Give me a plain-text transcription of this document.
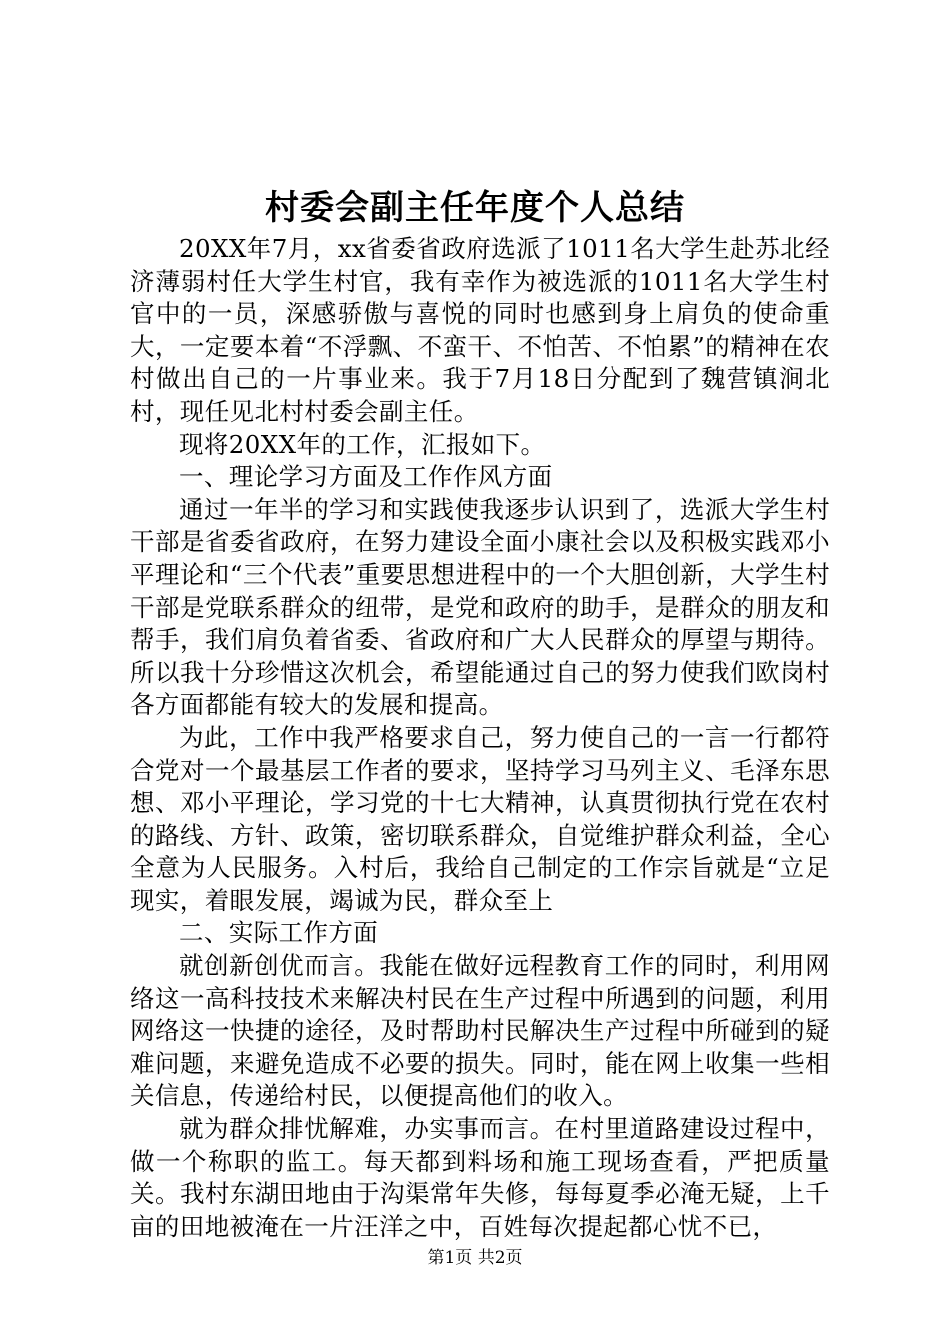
村委会副主任年度个人总结

20XX年7月，xx省委省政府选派了1011名大学生赴苏北经济薄弱村任大学生村官，我有幸作为被选派的1011名大学生村官中的一员，深感骄傲与喜悦的同时也感到身上肩负的使命重大，一定要本着“不浮飘、不蛮干、不怕苦、不怕累”的精神在农村做出自己的一片事业来。我于7月18日分配到了魏营镇涧北村，现任见北村村委会副主任。

现将20XX年的工作，汇报如下。

一、理论学习方面及工作作风方面

通过一年半的学习和实践使我逐步认识到了，选派大学生村干部是省委省政府，在努力建设全面小康社会以及积极实践邓小平理论和“三个代表”重要思想进程中的一个大胆创新，大学生村干部是党联系群众的纽带，是党和政府的助手，是群众的朋友和帮手，我们肩负着省委、省政府和广大人民群众的厚望与期待。所以我十分珍惜这次机会，希望能通过自己的努力使我们欧岗村各方面都能有较大的发展和提高。

为此，工作中我严格要求自己，努力使自己的一言一行都符合党对一个最基层工作者的要求，坚持学习马列主义、毛泽东思想、邓小平理论，学习党的十七大精神，认真贯彻执行党在农村的路线、方针、政策，密切联系群众，自觉维护群众利益，全心全意为人民服务。入村后，我给自己制定的工作宗旨就是“立足现实，着眼发展，竭诚为民，群众至上

二、实际工作方面

就创新创优而言。我能在做好远程教育工作的同时，利用网络这一高科技技术来解决村民在生产过程中所遇到的问题，利用网络这一快捷的途径，及时帮助村民解决生产过程中所碰到的疑难问题，来避免造成不必要的损失。同时，能在网上收集一些相关信息，传递给村民，以便提高他们的收入。

就为群众排忧解难，办实事而言。在村里道路建设过程中，做一个称职的监工。每天都到料场和施工现场查看，严把质量关。我村东湖田地由于沟渠常年失修，每每夏季必淹无疑，上千亩的田地被淹在一片汪洋之中，百姓每次提起都心忧不已，

第1页 共2页
